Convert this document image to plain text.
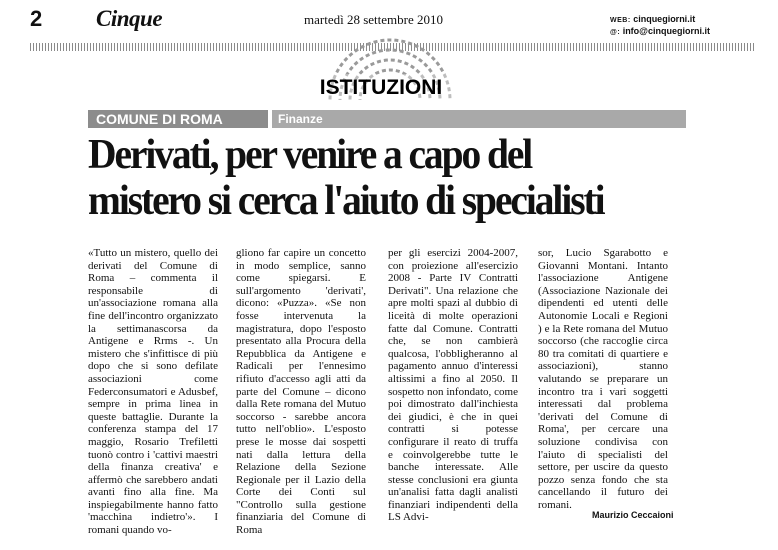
2 Cinque	martedì 28 settembre 2010	WEB: cinquegiorni.it
@: info@cinquegiorni.it
ISTITUZIONI
COMUNE DI ROMA	Finanze
Derivati, per venire a capo del
mistero si cerca l'aiuto di specialisti
«Tutto un mistero, quello dei derivati del Comune di Roma – commenta il responsabile di un'associazione romana alla fine dell'incontro organizzato la settimanascorsa da Antigene e Rrms -. Un mistero che s'infittisce di più dopo che si sono defilate associazioni come Federconsumatori e Adusbef, sempre in prima linea in queste battaglie. Durante la conferenza stampa del 17 maggio, Rosario Trefiletti tuonò contro i 'cattivi maestri della finanza creativa' e affermò che sarebbero andati avanti fino alla fine. Ma inspiegabilmente hanno fatto 'macchina indietro'». I romani quando vo-
gliono far capire un concetto in modo semplice, sanno come spiegarsi. E sull'argomento 'derivati', dicono: «Puzza». «Se non fosse intervenuta la magistratura, dopo l'esposto presentato alla Procura della Repubblica da Antigene e Radicali per l'ennesimo rifiuto d'accesso agli atti da parte del Comune – dicono dalla Rete romana del Mutuo soccorso - sarebbe ancora tutto nell'oblio». L'esposto prese le mosse dai sospetti nati dalla lettura della Relazione della Sezione Regionale per il Lazio della Corte dei Conti sul "Controllo sulla gestione finanziaria del Comune di Roma
per gli esercizi 2004-2007, con proiezione all'esercizio 2008 - Parte IV Contratti Derivati". Una relazione che apre molti spazi al dubbio di liceità di molte operazioni fatte dal Comune. Contratti che, se non cambierà qualcosa, l'obbligheranno al pagamento annuo d'interessi altissimi a fino al 2050. Il sospetto non infondato, come poi dimostrato dall'inchiesta dei giudici, è che in quei contratti si potesse configurare il reato di truffa e coinvolgerebbe tutte le banche interessate. Alle stesse conclusioni era giunta un'analisi fatta dagli analisti finanziari indipendenti della LS Advi-
sor, Lucio Sgarabotto e Giovanni Montani. Intanto l'associazione Antigene (Associazione Nazionale dei dipendenti ed utenti delle Autonomie Locali e Regioni ) e la Rete romana del Mutuo soccorso (che raccoglie circa 80 tra comitati di quartiere e associazioni), stanno valutando se preparare un incontro tra i vari soggetti interessati dal problema 'derivati del Comune di Roma', per cercare una soluzione condivisa con l'aiuto di specialisti del settore, per uscire da questo pozzo senza fondo che sta cancellando il futuro dei romani.
Maurizio Ceccaioni
